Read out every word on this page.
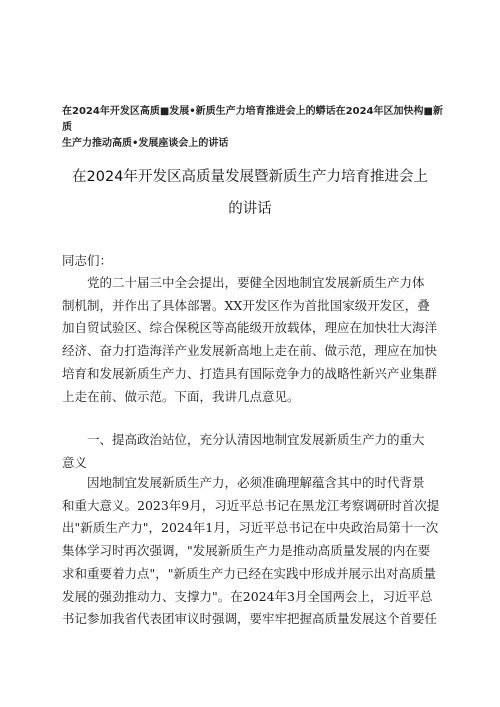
在2024年开发区高质■发展•新质生产力培育推进会上的蟒话在2024年区加快构■新质
生产力推动高质•发展座谈会上的讲话
在2024年开发区高质量发展暨新质生产力培育推进会上
的讲话
同志们：
党的二十届三中全会提出，要健全因地制宜发展新质生产力体
制机制，并作出了具体部署。XX开发区作为首批国家级开发区，叠
加自贸试验区、综合保税区等高能级开放载体，理应在加快壮大海洋
经济、奋力打造海洋产业发展新高地上走在前、做示范，理应在加快
培育和发展新质生产力、打造具有国际竞争力的战略性新兴产业集群
上走在前、做示范。下面，我讲几点意见。
一、提高政治站位，充分认清因地制宜发展新质生产力的重大
意义
因地制宜发展新质生产力，必须准确理解蕴含其中的时代背景
和重大意义。2023年9月，习近平总书记在黑龙江考察调研时首次提
出"新质生产力"，2024年1月，习近平总书记在中央政治局第十一次
集体学习时再次强调，"发展新质生产力是推动高质量发展的内在要
求和重要着力点"，"新质生产力已经在实践中形成并展示出对高质量
发展的强劲推动力、支撑力"。在2024年3月全国两会上，习近平总
书记参加我省代表团审议时强调，要牢牢把握高质量发展这个首要任
